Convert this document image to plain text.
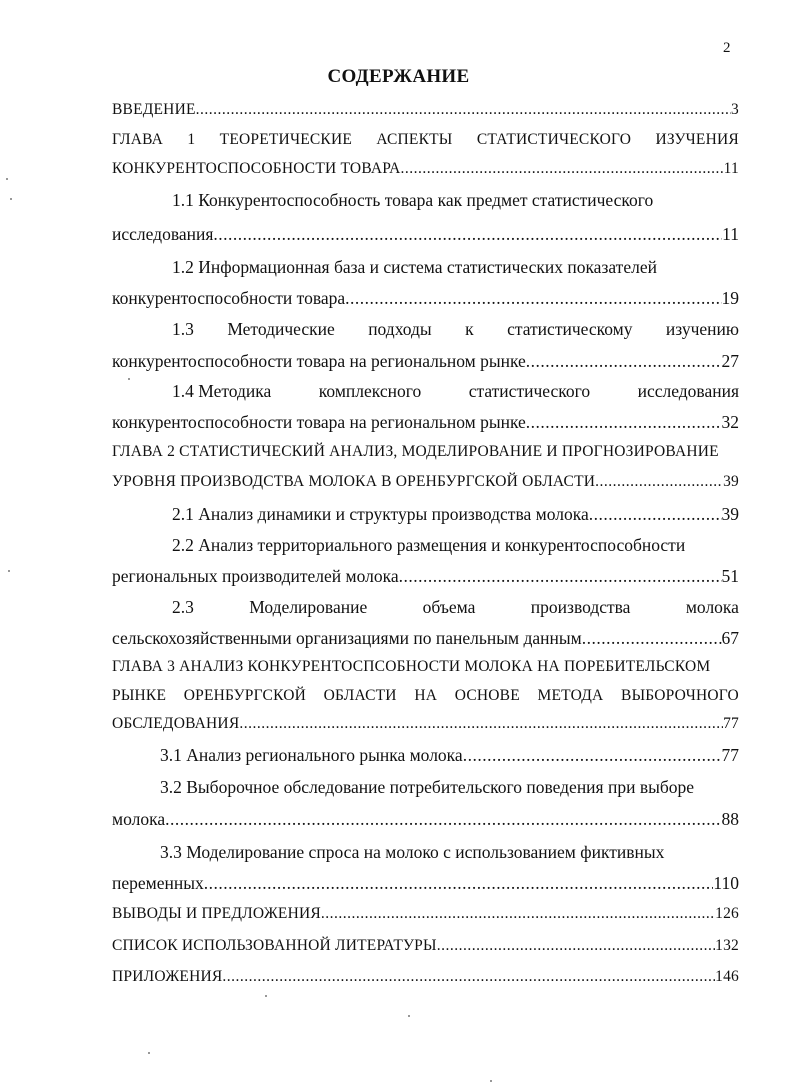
2
СОДЕРЖАНИЕ
ВВЕДЕНИЕ .....	3
ГЛАВА 1 ТЕОРЕТИЧЕСКИЕ АСПЕКТЫ СТАТИСТИЧЕСКОГО ИЗУЧЕНИЯ
КОНКУРЕНТОСПОСОБНОСТИ ТОВАРА .....	11
1.1 Конкурентоспособность товара как предмет статистического
исследования .....	11
1.2 Информационная база и система статистических показателей
конкурентоспособности товара .....	19
1.3 Методические подходы к статистическому изучению
конкурентоспособности товара на региональном рынке .....	27
1.4 Методика	комплексного	статистического	исследования
конкурентоспособности товара на региональном рынке .....	32
ГЛАВА 2 СТАТИСТИЧЕСКИЙ АНАЛИЗ, МОДЕЛИРОВАНИЕ И ПРОГНОЗИРОВАНИЕ
УРОВНЯ ПРОИЗВОДСТВА МОЛОКА В ОРЕНБУРГСКОЙ ОБЛАСТИ .....	39
2.1 Анализ динамики и структуры производства молока .....	39
2.2 Анализ территориального размещения и конкурентоспособности
региональных производителей молока .....	51
2.3	Моделирование	объема	производства	молока
сельскохозяйственными организациями по панельным данным .....	67
ГЛАВА 3 АНАЛИЗ КОНКУРЕНТОСПСОБНОСТИ МОЛОКА НА ПОРЕБИТЕЛЬСКОМ
РЫНКЕ ОРЕНБУРГСКОЙ ОБЛАСТИ НА ОСНОВЕ МЕТОДА ВЫБОРОЧНОГО
ОБСЛЕДОВАНИЯ .....	77
3.1 Анализ регионального рынка молока .....	77
3.2 Выборочное обследование потребительского поведения при выборе
молока .....	88
3.3 Моделирование спроса на молоко с использованием фиктивных
переменных .....	110
ВЫВОДЫ И ПРЕДЛОЖЕНИЯ .....	126
СПИСОК ИСПОЛЬЗОВАННОЙ ЛИТЕРАТУРЫ .....	132
ПРИЛОЖЕНИЯ .....	146
